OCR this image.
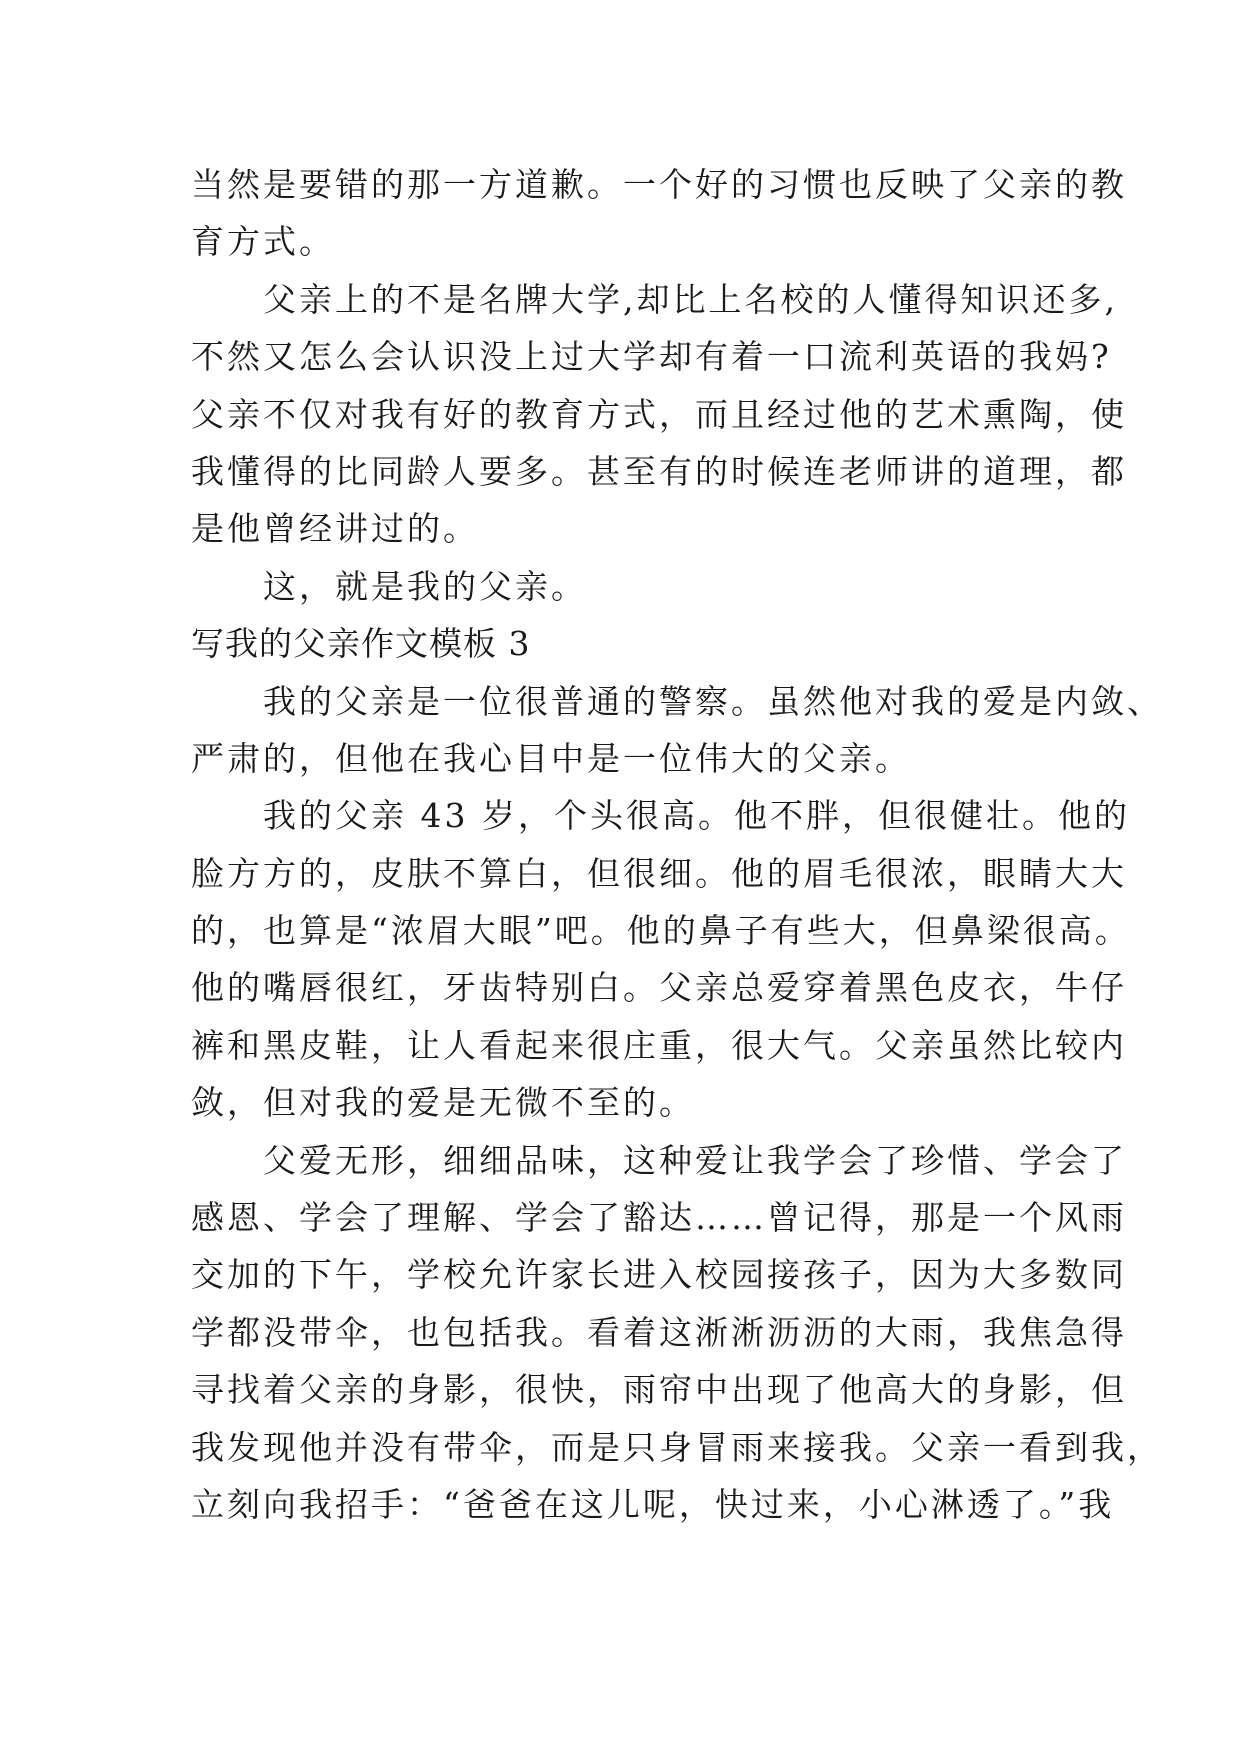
当然是要错的那一方道歉。一个好的习惯也反映了父亲的教
育方式。
父亲上的不是名牌大学,却比上名校的人懂得知识还多,
不然又怎么会认识没上过大学却有着一口流利英语的我妈?
父亲不仅对我有好的教育方式，而且经过他的艺术熏陶，使
我懂得的比同龄人要多。甚至有的时候连老师讲的道理，都
是他曾经讲过的。
这，就是我的父亲。
写我的父亲作文模板 3
我的父亲是一位很普通的警察。虽然他对我的爱是内敛、
严肃的，但他在我心目中是一位伟大的父亲。
我的父亲 43 岁，个头很高。他不胖，但很健壮。他的
脸方方的，皮肤不算白，但很细。他的眉毛很浓，眼睛大大
的，也算是“浓眉大眼”吧。他的鼻子有些大，但鼻梁很高。
他的嘴唇很红，牙齿特别白。父亲总爱穿着黑色皮衣，牛仔
裤和黑皮鞋，让人看起来很庄重，很大气。父亲虽然比较内
敛，但对我的爱是无微不至的。
父爱无形，细细品味，这种爱让我学会了珍惜、学会了
感恩、学会了理解、学会了豁达……曾记得，那是一个风雨
交加的下午，学校允许家长进入校园接孩子，因为大多数同
学都没带伞，也包括我。看着这淅淅沥沥的大雨，我焦急得
寻找着父亲的身影，很快，雨帘中出现了他高大的身影，但
我发现他并没有带伞，而是只身冒雨来接我。父亲一看到我，
立刻向我招手：“爸爸在这儿呢，快过来，小心淋透了。”我
